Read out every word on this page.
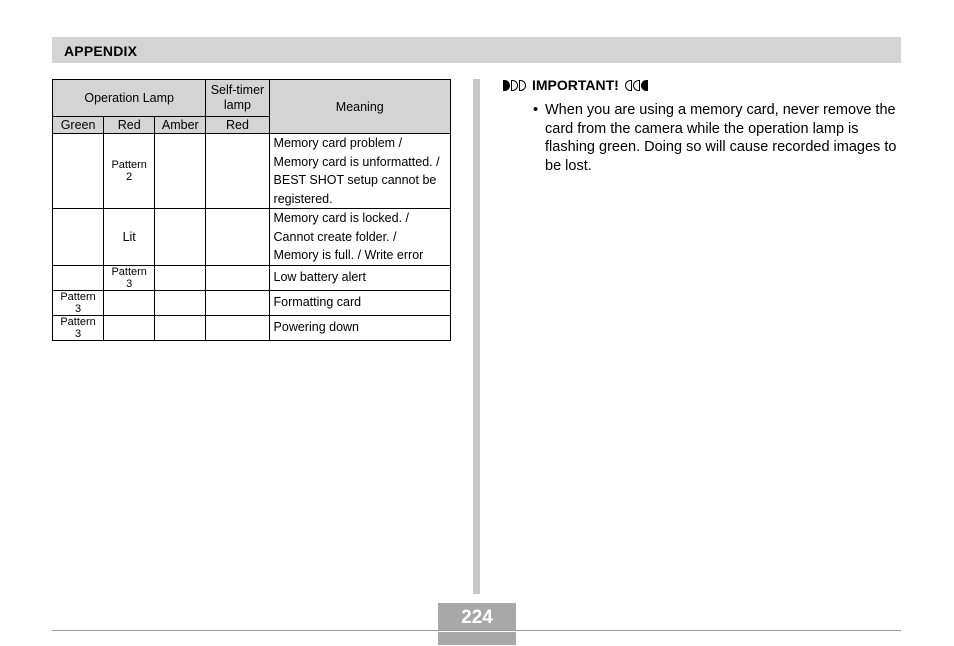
APPENDIX
Operation Lamp			Self-timer
lamp	Meaning
Green	Red	Amber	Red	
	Pattern 2			Memory card problem /
Memory card is unformatted. /
BEST SHOT setup cannot be
registered.
	Lit			Memory card is locked. /
Cannot create folder. /
Memory is full. / Write error
	Pattern 3			Low battery alert
Pattern 3				Formatting card
Pattern 3				Powering down
IMPORTANT!
• When you are using a memory card, never remove the card from the camera while the operation lamp is flashing green. Doing so will cause recorded images to be lost.
224
